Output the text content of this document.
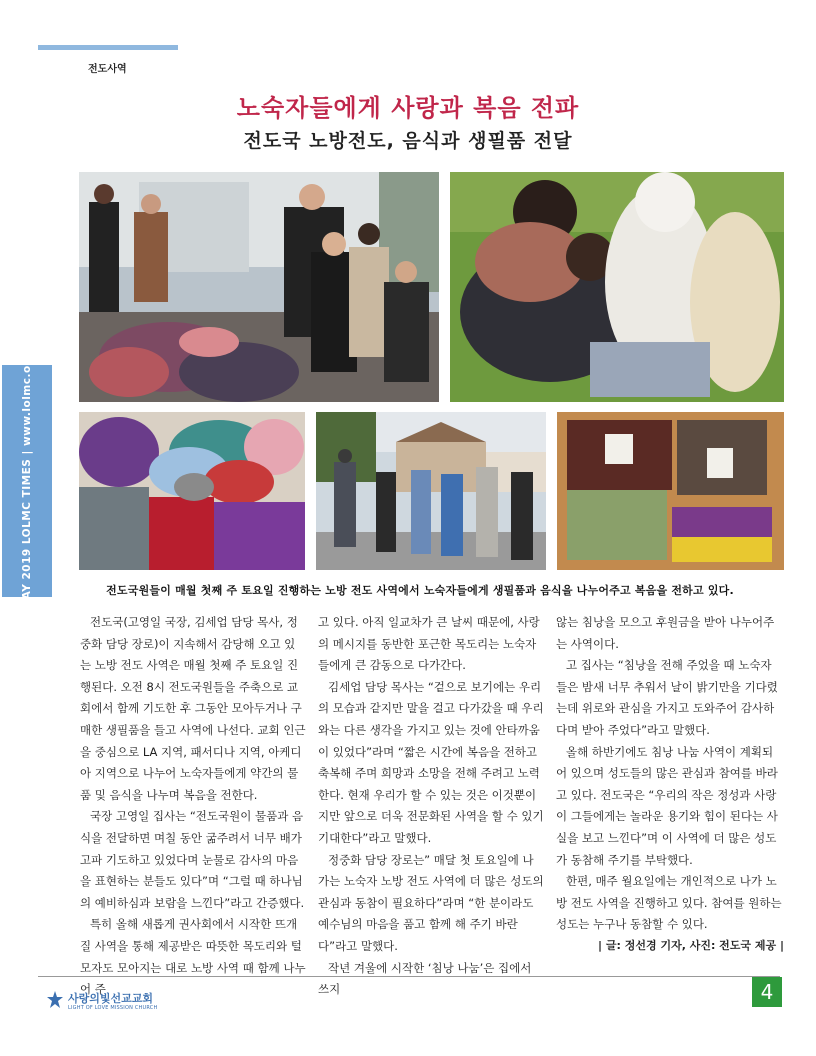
전도사역
노숙자들에게 사랑과 복음 전파
전도국 노방전도, 음식과 생필품 전달
MAY 2019 LOLMC TIMES | www.lolmc.org	전도국원들이 매월 첫째 주 토요일 진행하는 노방 전도 사역에서 노숙자들에게 생필품과 음식을 나누어주고 복음을 전하고 있다.

전도국(고영일 국장, 김세업 담당 목사, 정중화 담당 장로)이 지속해서 감당해 오고 있는 노방 전도 사역은 매월 첫째 주 토요일 진행된다. 오전 8시 전도국원들을 주축으로 교회에서 함께 기도한 후 그동안 모아두거나 구매한 생필품을 들고 사역에 나선다. 교회 인근을 중심으로 LA 지역, 패서디나 지역, 아케디아 지역으로 나누어 노숙자들에게 약간의 물품 및 음식을 나누며 복음을 전한다.

국장 고영일 집사는 “전도국원이 물품과 음식을 전달하면 며칠 동안 굶주려서 너무 배가 고파 기도하고 있었다며 눈물로 감사의 마음을 표현하는 분들도 있다”며 “그럴 때 하나님의 예비하심과 보람을 느낀다”라고 간증했다.

특히 올해 새롭게 권사회에서 시작한 뜨개질 사역을 통해 제공받은 따뜻한 목도리와 털모자도 모아지는 대로 노방 사역 때 함께 나누어 주

고 있다. 아직 일교차가 큰 날씨 때문에, 사랑의 메시지를 동반한 포근한 목도리는 노숙자들에게 큰 감동으로 다가간다.

김세업 담당 목사는 “겉으로 보기에는 우리의 모습과 같지만 말을 걸고 다가갔을 때 우리와는 다른 생각을 가지고 있는 것에 안타까움이 있었다”라며 “짧은 시간에 복음을 전하고 축복해 주며 희망과 소망을 전해 주려고 노력한다. 현재 우리가 할 수 있는 것은 이것뿐이지만 앞으로 더욱 전문화된 사역을 할 수 있기 기대한다”라고 말했다.

정중화 담당 장로는” 매달 첫 토요일에 나가는 노숙자 노방 전도 사역에 더 많은 성도의 관심과 동참이 필요하다”라며 “한 분이라도 예수님의 마음을 품고 함께 해 주기 바란다”라고 말했다.

작년 겨울에 시작한 ‘침낭 나눔’은 집에서 쓰지

않는 침낭을 모으고 후원금을 받아 나누어주는 사역이다.

고 집사는 “침낭을 전해 주었을 때 노숙자들은 밤새 너무 추워서 날이 밝기만을 기다렸는데 위로와 관심을 가지고 도와주어 감사하다며 받아 주었다”라고 말했다.

올해 하반기에도 침낭 나눔 사역이 계획되어 있으며 성도들의 많은 관심과 참여를 바라고 있다. 전도국은 “우리의 작은 정성과 사랑이 그들에게는 놀라운 용기와 힘이 된다는 사실을 보고 느낀다”며 이 사역에 더 많은 성도가 동참해 주기를 부탁했다.

한편, 매주 월요일에는 개인적으로 나가 노방 전도 사역을 진행하고 있다. 참여를 원하는 성도는 누구나 동참할 수 있다.

| 글: 정선경 기자, 사진: 전도국 제공 |
사랑의빛선교교회
LIGHT OF LOVE MISSION CHURCH
4
